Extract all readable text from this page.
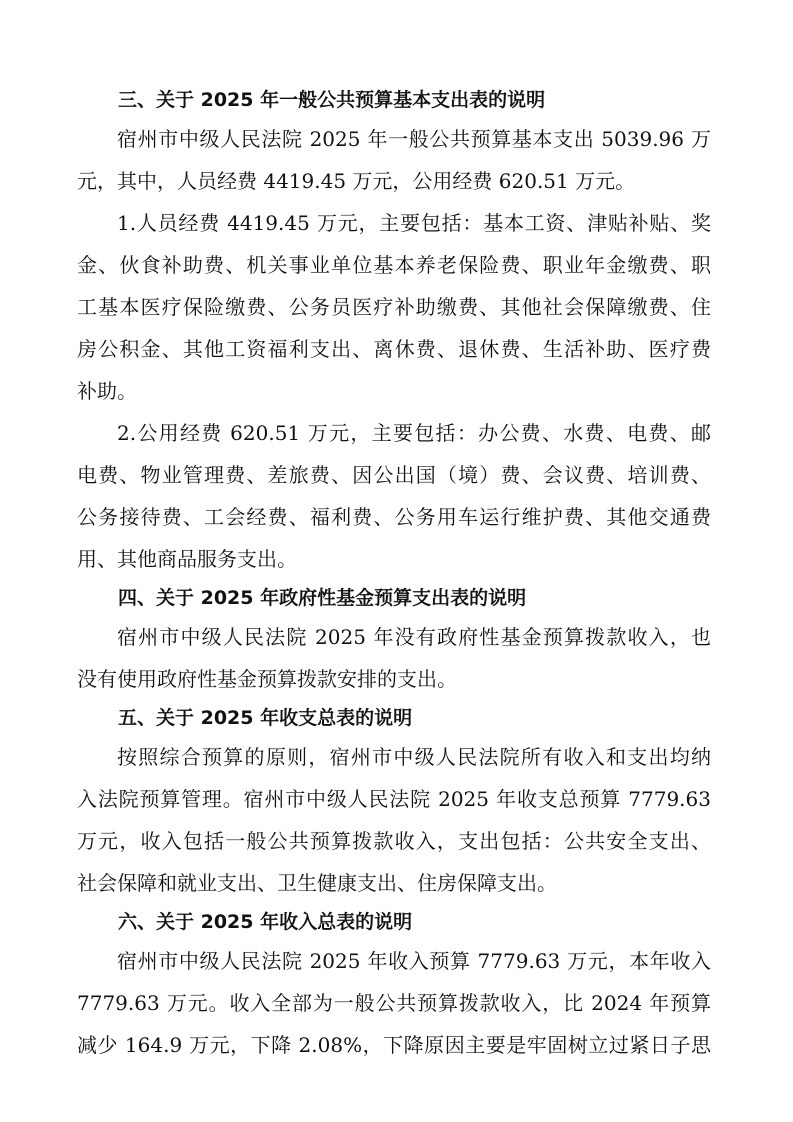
三、关于 2025 年一般公共预算基本支出表的说明

宿州市中级人民法院 2025 年一般公共预算基本支出 5039.96 万
元，其中，人员经费 4419.45 万元，公用经费 620.51 万元。

1.人员经费 4419.45 万元，主要包括：基本工资、津贴补贴、奖
金、伙食补助费、机关事业单位基本养老保险费、职业年金缴费、职
工基本医疗保险缴费、公务员医疗补助缴费、其他社会保障缴费、住
房公积金、其他工资福利支出、离休费、退休费、生活补助、医疗费
补助。

2.公用经费 620.51 万元，主要包括：办公费、水费、电费、邮
电费、物业管理费、差旅费、因公出国（境）费、会议费、培训费、
公务接待费、工会经费、福利费、公务用车运行维护费、其他交通费
用、其他商品服务支出。

四、关于 2025 年政府性基金预算支出表的说明

宿州市中级人民法院 2025 年没有政府性基金预算拨款收入，也
没有使用政府性基金预算拨款安排的支出。

五、关于 2025 年收支总表的说明

按照综合预算的原则，宿州市中级人民法院所有收入和支出均纳
入法院预算管理。宿州市中级人民法院 2025 年收支总预算 7779.63
万元，收入包括一般公共预算拨款收入，支出包括：公共安全支出、
社会保障和就业支出、卫生健康支出、住房保障支出。

六、关于 2025 年收入总表的说明

宿州市中级人民法院 2025 年收入预算 7779.63 万元，本年收入
7779.63 万元。收入全部为一般公共预算拨款收入，比 2024 年预算
减少 164.9 万元，下降 2.08%，下降原因主要是牢固树立过紧日子思
